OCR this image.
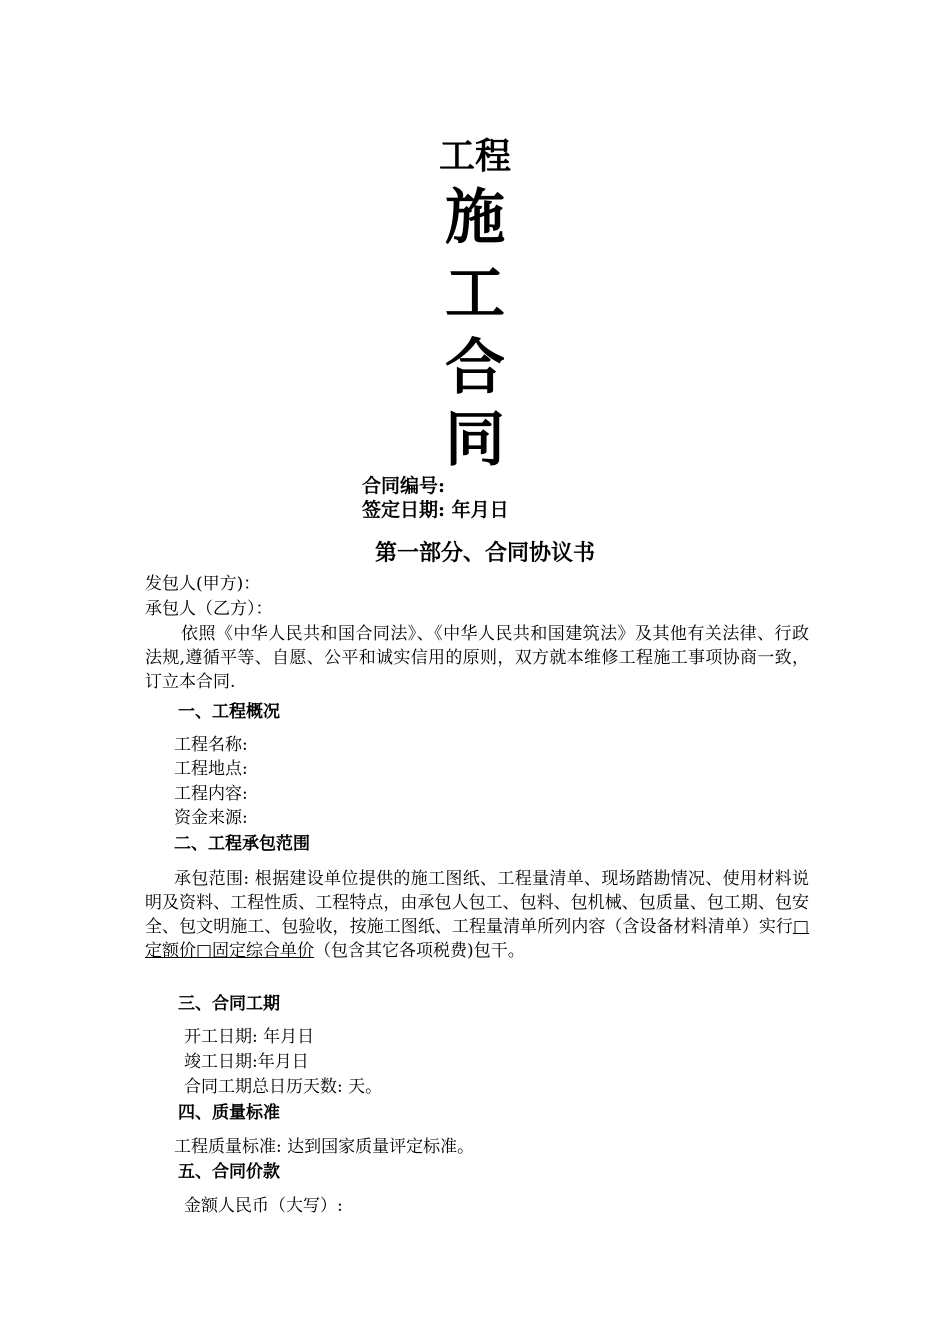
工程
施
工
合
同
合同编号:
签定日期: 年月日
第一部分、合同协议书
发包人(甲方)：
承包人（乙方）：
依照《中华人民共和国合同法》、《中华人民共和国建筑法》及其他有关法律、行政法规,遵循平等、自愿、公平和诚实信用的原则，双方就本维修工程施工事项协商一致，订立本合同.
一、工程概况
工程名称:
工程地点:
工程内容:
资金来源:
二、工程承包范围
承包范围: 根据建设单位提供的施工图纸、工程量清单、现场踏勘情况、使用材料说明及资料、工程性质、工程特点，由承包人包工、包料、包机械、包质量、包工期、包安全、包文明施工、包验收，按施工图纸、工程量清单所列内容（含设备材料清单）实行□定额价□固定综合单价（包含其它各项税费)包干。
三、合同工期
开工日期: 年月日
竣工日期:年月日
合同工期总日历天数: 天。
四、质量标准
工程质量标准: 达到国家质量评定标准。
五、合同价款
金额人民币（大写）:
